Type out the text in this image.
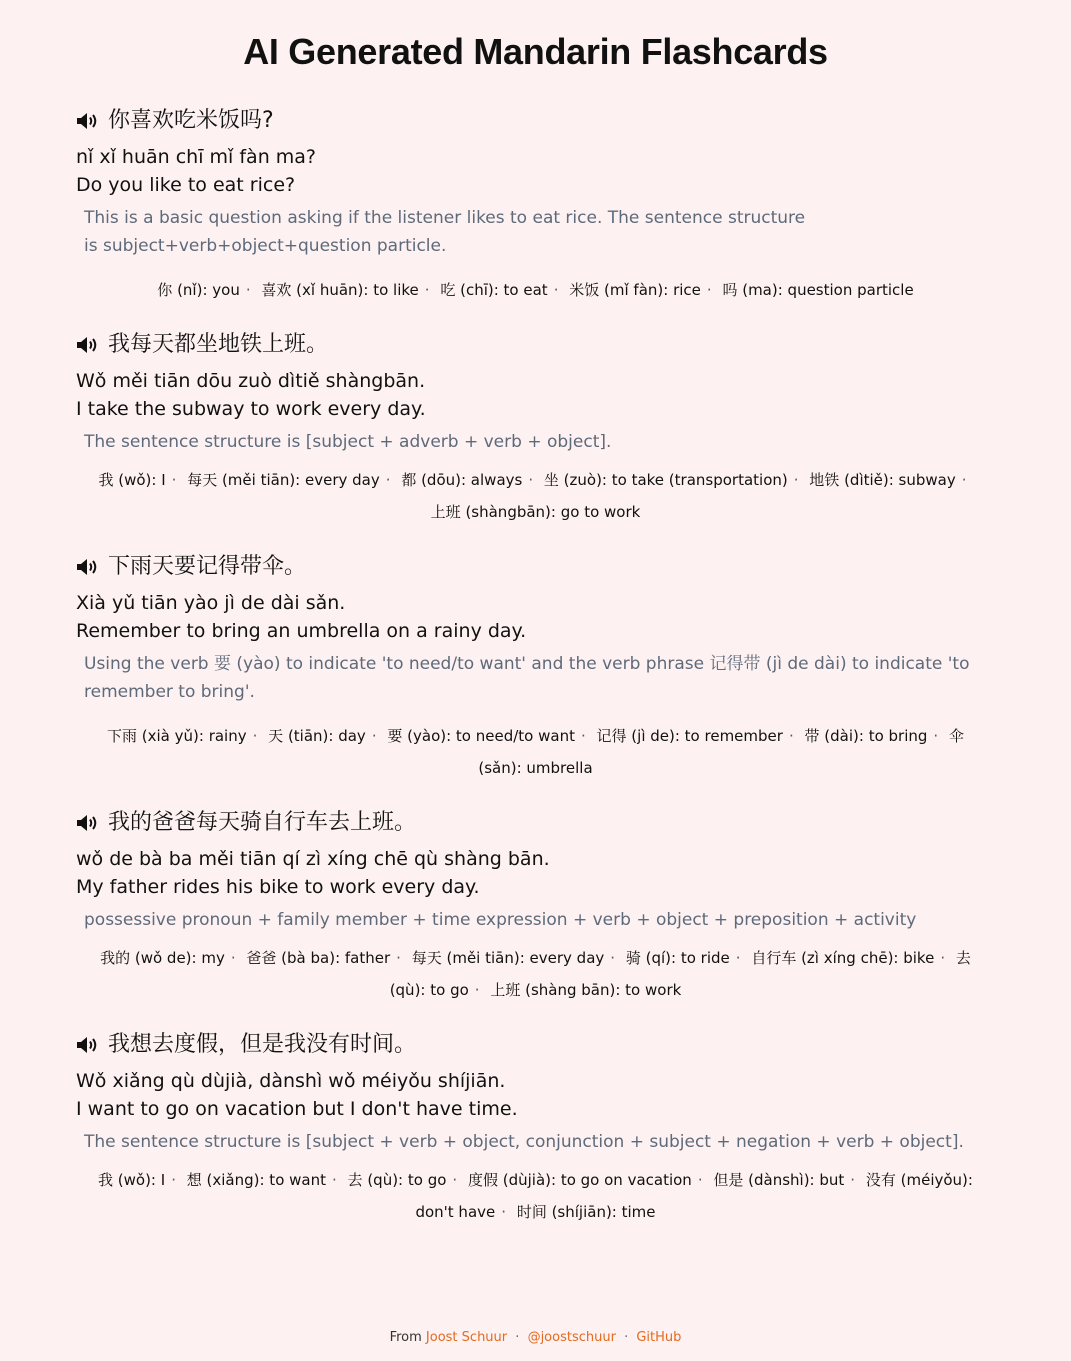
AI Generated Mandarin Flashcards
你喜欢吃米饭吗?
nǐ xǐ huān chī mǐ fàn ma?
Do you like to eat rice?
This is a basic question asking if the listener likes to eat rice. The sentence structure is subject+verb+object+question particle.
你 (nǐ): you · 喜欢 (xǐ huān): to like · 吃 (chī): to eat · 米饭 (mǐ fàn): rice · 吗 (ma): question particle
我每天都坐地铁上班。
Wǒ měi tiān dōu zuò dìtiě shàngbān.
I take the subway to work every day.
The sentence structure is [subject + adverb + verb + object].
我 (wǒ): I · 每天 (měi tiān): every day · 都 (dōu): always · 坐 (zuò): to take (transportation) · 地铁 (dìtiě): subway · 上班 (shàngbān): go to work
下雨天要记得带伞。
Xià yǔ tiān yào jì de dài sǎn.
Remember to bring an umbrella on a rainy day.
Using the verb 要 (yào) to indicate 'to need/to want' and the verb phrase 记得带 (jì de dài) to indicate 'to remember to bring'.
下雨 (xià yǔ): rainy · 天 (tiān): day · 要 (yào): to need/to want · 记得 (jì de): to remember · 带 (dài): to bring · 伞 (sǎn): umbrella
我的爸爸每天骑自行车去上班。
wǒ de bà ba měi tiān qí zì xíng chē qù shàng bān.
My father rides his bike to work every day.
possessive pronoun + family member + time expression + verb + object + preposition + activity
我的 (wǒ de): my · 爸爸 (bà ba): father · 每天 (měi tiān): every day · 骑 (qí): to ride · 自行车 (zì xíng chē): bike · 去 (qù): to go · 上班 (shàng bān): to work
我想去度假，但是我没有时间。
Wǒ xiǎng qù dùjià, dànshì wǒ méiyǒu shíjiān.
I want to go on vacation but I don't have time.
The sentence structure is [subject + verb + object, conjunction + subject + negation + verb + object].
我 (wǒ): I · 想 (xiǎng): to want · 去 (qù): to go · 度假 (dùjià): to go on vacation · 但是 (dànshì): but · 没有 (méiyǒu): don't have · 时间 (shíjiān): time
From Joost Schuur · @joostschuur · GitHub
